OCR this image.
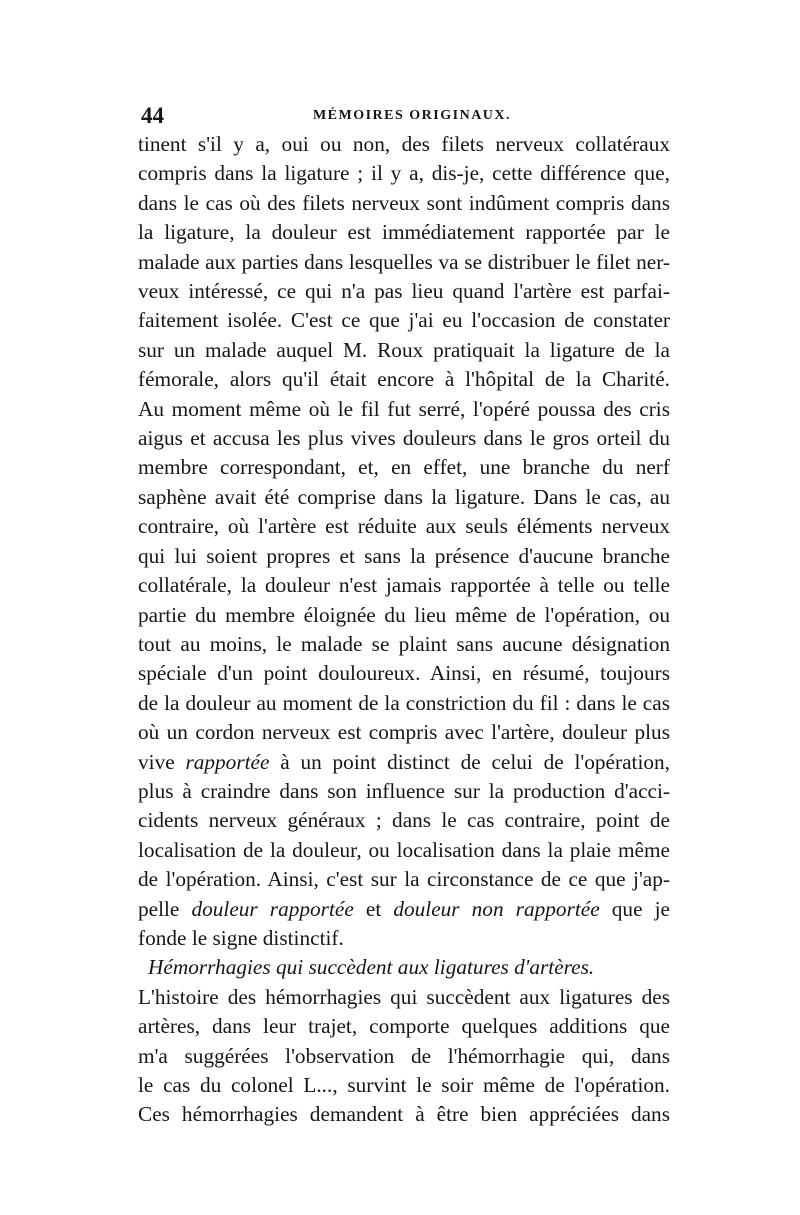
44	MÉMOIRES ORIGINAUX.
tinent s'il y a, oui ou non, des filets nerveux collatéraux
compris dans la ligature ; il y a, dis-je, cette différence que,
dans le cas où des filets nerveux sont indûment compris dans
la ligature, la douleur est immédiatement rapportée par le
malade aux parties dans lesquelles va se distribuer le filet ner-
veux intéressé, ce qui n'a pas lieu quand l'artère est parfai-
faitement isolée. C'est ce que j'ai eu l'occasion de constater
sur un malade auquel M. Roux pratiquait la ligature de la
fémorale, alors qu'il était encore à l'hôpital de la Charité.
Au moment même où le fil fut serré, l'opéré poussa des cris
aigus et accusa les plus vives douleurs dans le gros orteil du
membre correspondant, et, en effet, une branche du nerf
saphène avait été comprise dans la ligature. Dans le cas, au
contraire, où l'artère est réduite aux seuls éléments nerveux
qui lui soient propres et sans la présence d'aucune branche
collatérale, la douleur n'est jamais rapportée à telle ou telle
partie du membre éloignée du lieu même de l'opération, ou
tout au moins, le malade se plaint sans aucune désignation
spéciale d'un point douloureux. Ainsi, en résumé, toujours
de la douleur au moment de la constriction du fil : dans le cas
où un cordon nerveux est compris avec l'artère, douleur plus
vive rapportée à un point distinct de celui de l'opération,
plus à craindre dans son influence sur la production d'acci-
cidents nerveux généraux ; dans le cas contraire, point de
localisation de la douleur, ou localisation dans la plaie même
de l'opération. Ainsi, c'est sur la circonstance de ce que j'ap-
pelle douleur rapportée et douleur non rapportée que je
fonde le signe distinctif.
Hémorrhagies qui succèdent aux ligatures d'artères.
L'histoire des hémorrhagies qui succèdent aux ligatures des
artères, dans leur trajet, comporte quelques additions que
m'a suggérées l'observation de l'hémorrhagie qui, dans
le cas du colonel L..., survint le soir même de l'opération.
Ces hémorrhagies demandent à être bien appréciées dans
